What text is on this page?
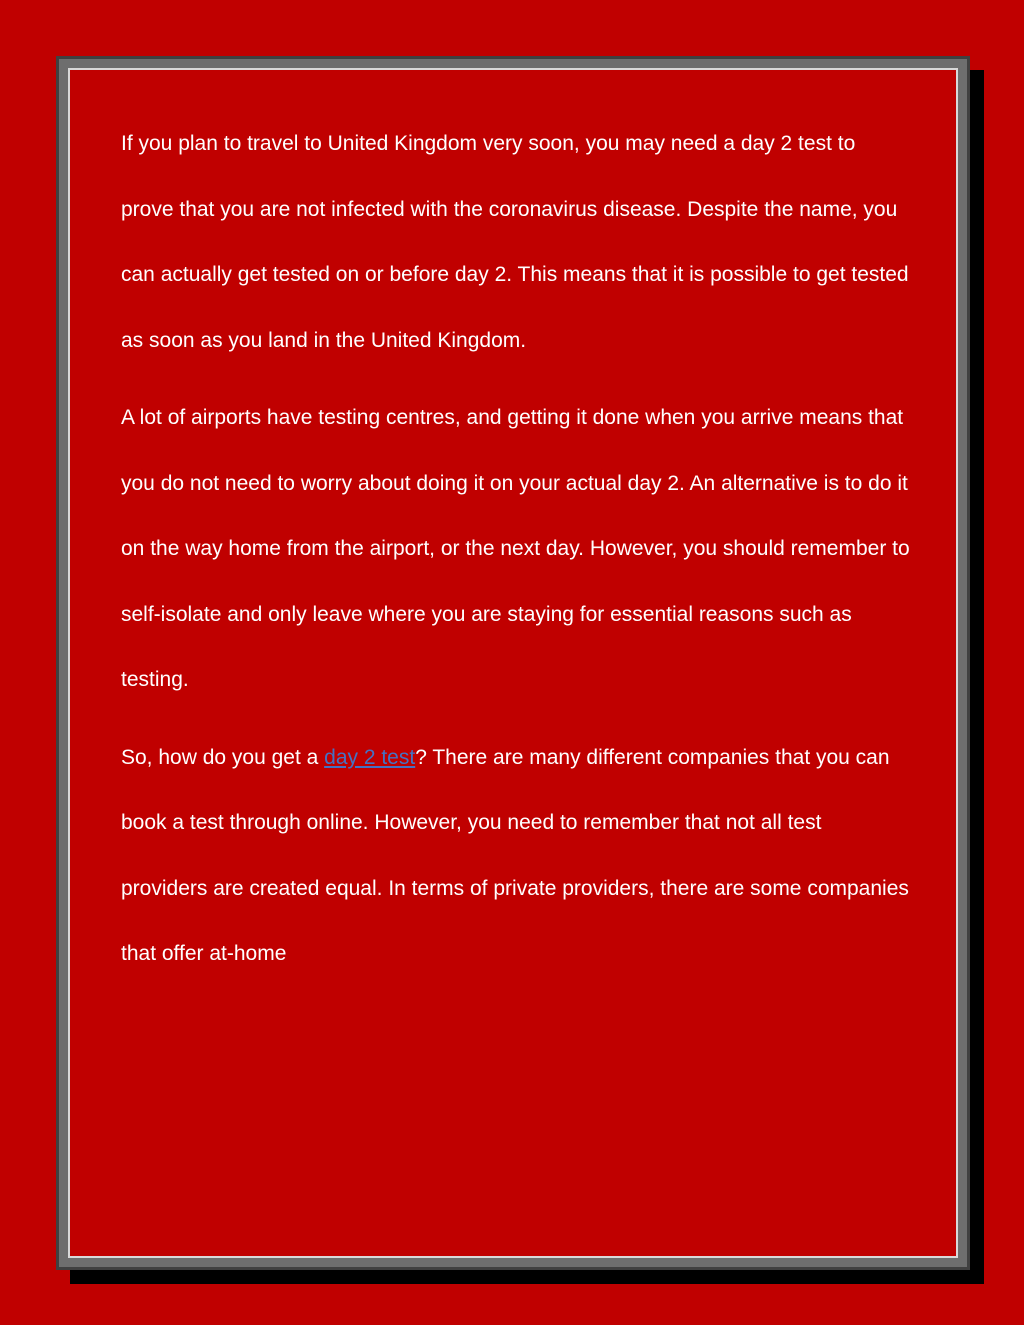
If you plan to travel to United Kingdom very soon, you may need a day 2 test to prove that you are not infected with the coronavirus disease. Despite the name, you can actually get tested on or before day 2. This means that it is possible to get tested as soon as you land in the United Kingdom.

A lot of airports have testing centres, and getting it done when you arrive means that you do not need to worry about doing it on your actual day 2. An alternative is to do it on the way home from the airport, or the next day. However, you should remember to self-isolate and only leave where you are staying for essential reasons such as testing.

So, how do you get a day 2 test? There are many different companies that you can book a test through online. However, you need to remember that not all test providers are created equal. In terms of private providers, there are some companies that offer at-home
